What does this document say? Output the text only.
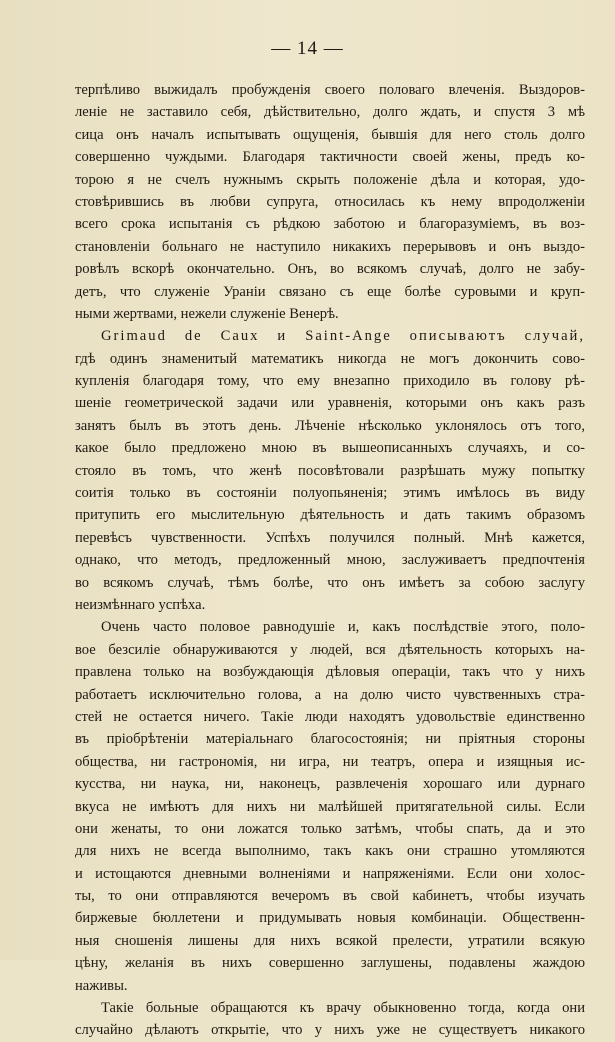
— 14 —
терпѣливо выжидалъ пробужденія своего половаго влеченія. Выздоров-
леніе не заставило себя, дѣйствительно, долго ждать, и спустя 3 мѣ
сица онъ началъ испытывать ощущенія, бывшія для него столь долго
совершенно чуждыми. Благодаря тактичности своей жены, предъ ко-
торою я не счелъ нужнымъ скрыть положеніе дѣла и которая, удо-
стовѣрившись въ любви супруга, относилась къ нему впродолженіи
всего срока испытанія съ рѣдкою заботою и благоразуміемъ, въ воз-
становленіи больнаго не наступило никакихъ перерывовъ и онъ выздо-
ровѣлъ вскорѣ окончательно. Онъ, во всякомъ случаѣ, долго не забу-
детъ, что служеніе Ураніи связано съ еще болѣе суровыми и круп-
ными жертвами, нежели служеніе Венерѣ.
Grimaud de Caux и Saint-Ange описываютъ случай,
гдѣ одинъ знаменитый математикъ никогда не могъ докончить сово-
купленія благодаря тому, что ему внезапно приходило въ голову рѣ-
шеніе геометрической задачи или уравненія, которыми онъ какъ разъ
занятъ былъ въ этотъ день. Лѣченіе нѣсколько уклонялось отъ того,
какое было предложено мною въ вышеописанныхъ случаяхъ, и со-
стояло въ томъ, что женѣ посовѣтовали разрѣшать мужу попытку
соитія только въ состояніи полуопьяненія; этимъ имѣлось въ виду
притупить его мыслительную дѣятельность и дать такимъ образомъ
перевѣсъ чувственности. Успѣхъ получился полный. Мнѣ кажется,
однако, что методъ, предложенный мною, заслуживаетъ предпочтенія
во всякомъ случаѣ, тѣмъ болѣе, что онъ имѣетъ за собою заслугу
неизмѣннаго успѣха.
Очень часто половое равнодушіе и, какъ послѣдствіе этого, поло-
вое безсиліе обнаруживаются у людей, вся дѣятельность которыхъ на-
правлена только на возбуждающія дѣловыя операціи, такъ что у нихъ
работаетъ исключительно голова, а на долю чисто чувственныхъ стра-
стей не остается ничего. Такіе люди находятъ удовольствіе единственно
въ пріобрѣтеніи матеріальнаго благосостоянія; ни пріятныя стороны
общества, ни гастрономія, ни игра, ни театръ, опера и изящныя ис-
кусства, ни наука, ни, наконецъ, развлеченія хорошаго или дурнаго
вкуса не имѣютъ для нихъ ни малѣйшей притягательной силы. Если
они женаты, то они ложатся только затѣмъ, чтобы спать, да и это
для нихъ не всегда выполнимо, такъ какъ они страшно утомляются
и истощаются дневными волненіями и напряженіями. Если они холос-
ты, то они отправляются вечеромъ въ свой кабинетъ, чтобы изучать
биржевые бюллетени и придумывать новыя комбинаціи. Общественн-
ныя сношенія лишены для нихъ всякой прелести, утратили всякую
цѣну, желанія въ нихъ совершенно заглушены, подавлены жаждою
наживы.
Такіе больные обращаются къ врачу обыкновенно тогда, когда они
случайно дѣлаютъ открытіе, что у нихъ уже не существуетъ никакого
